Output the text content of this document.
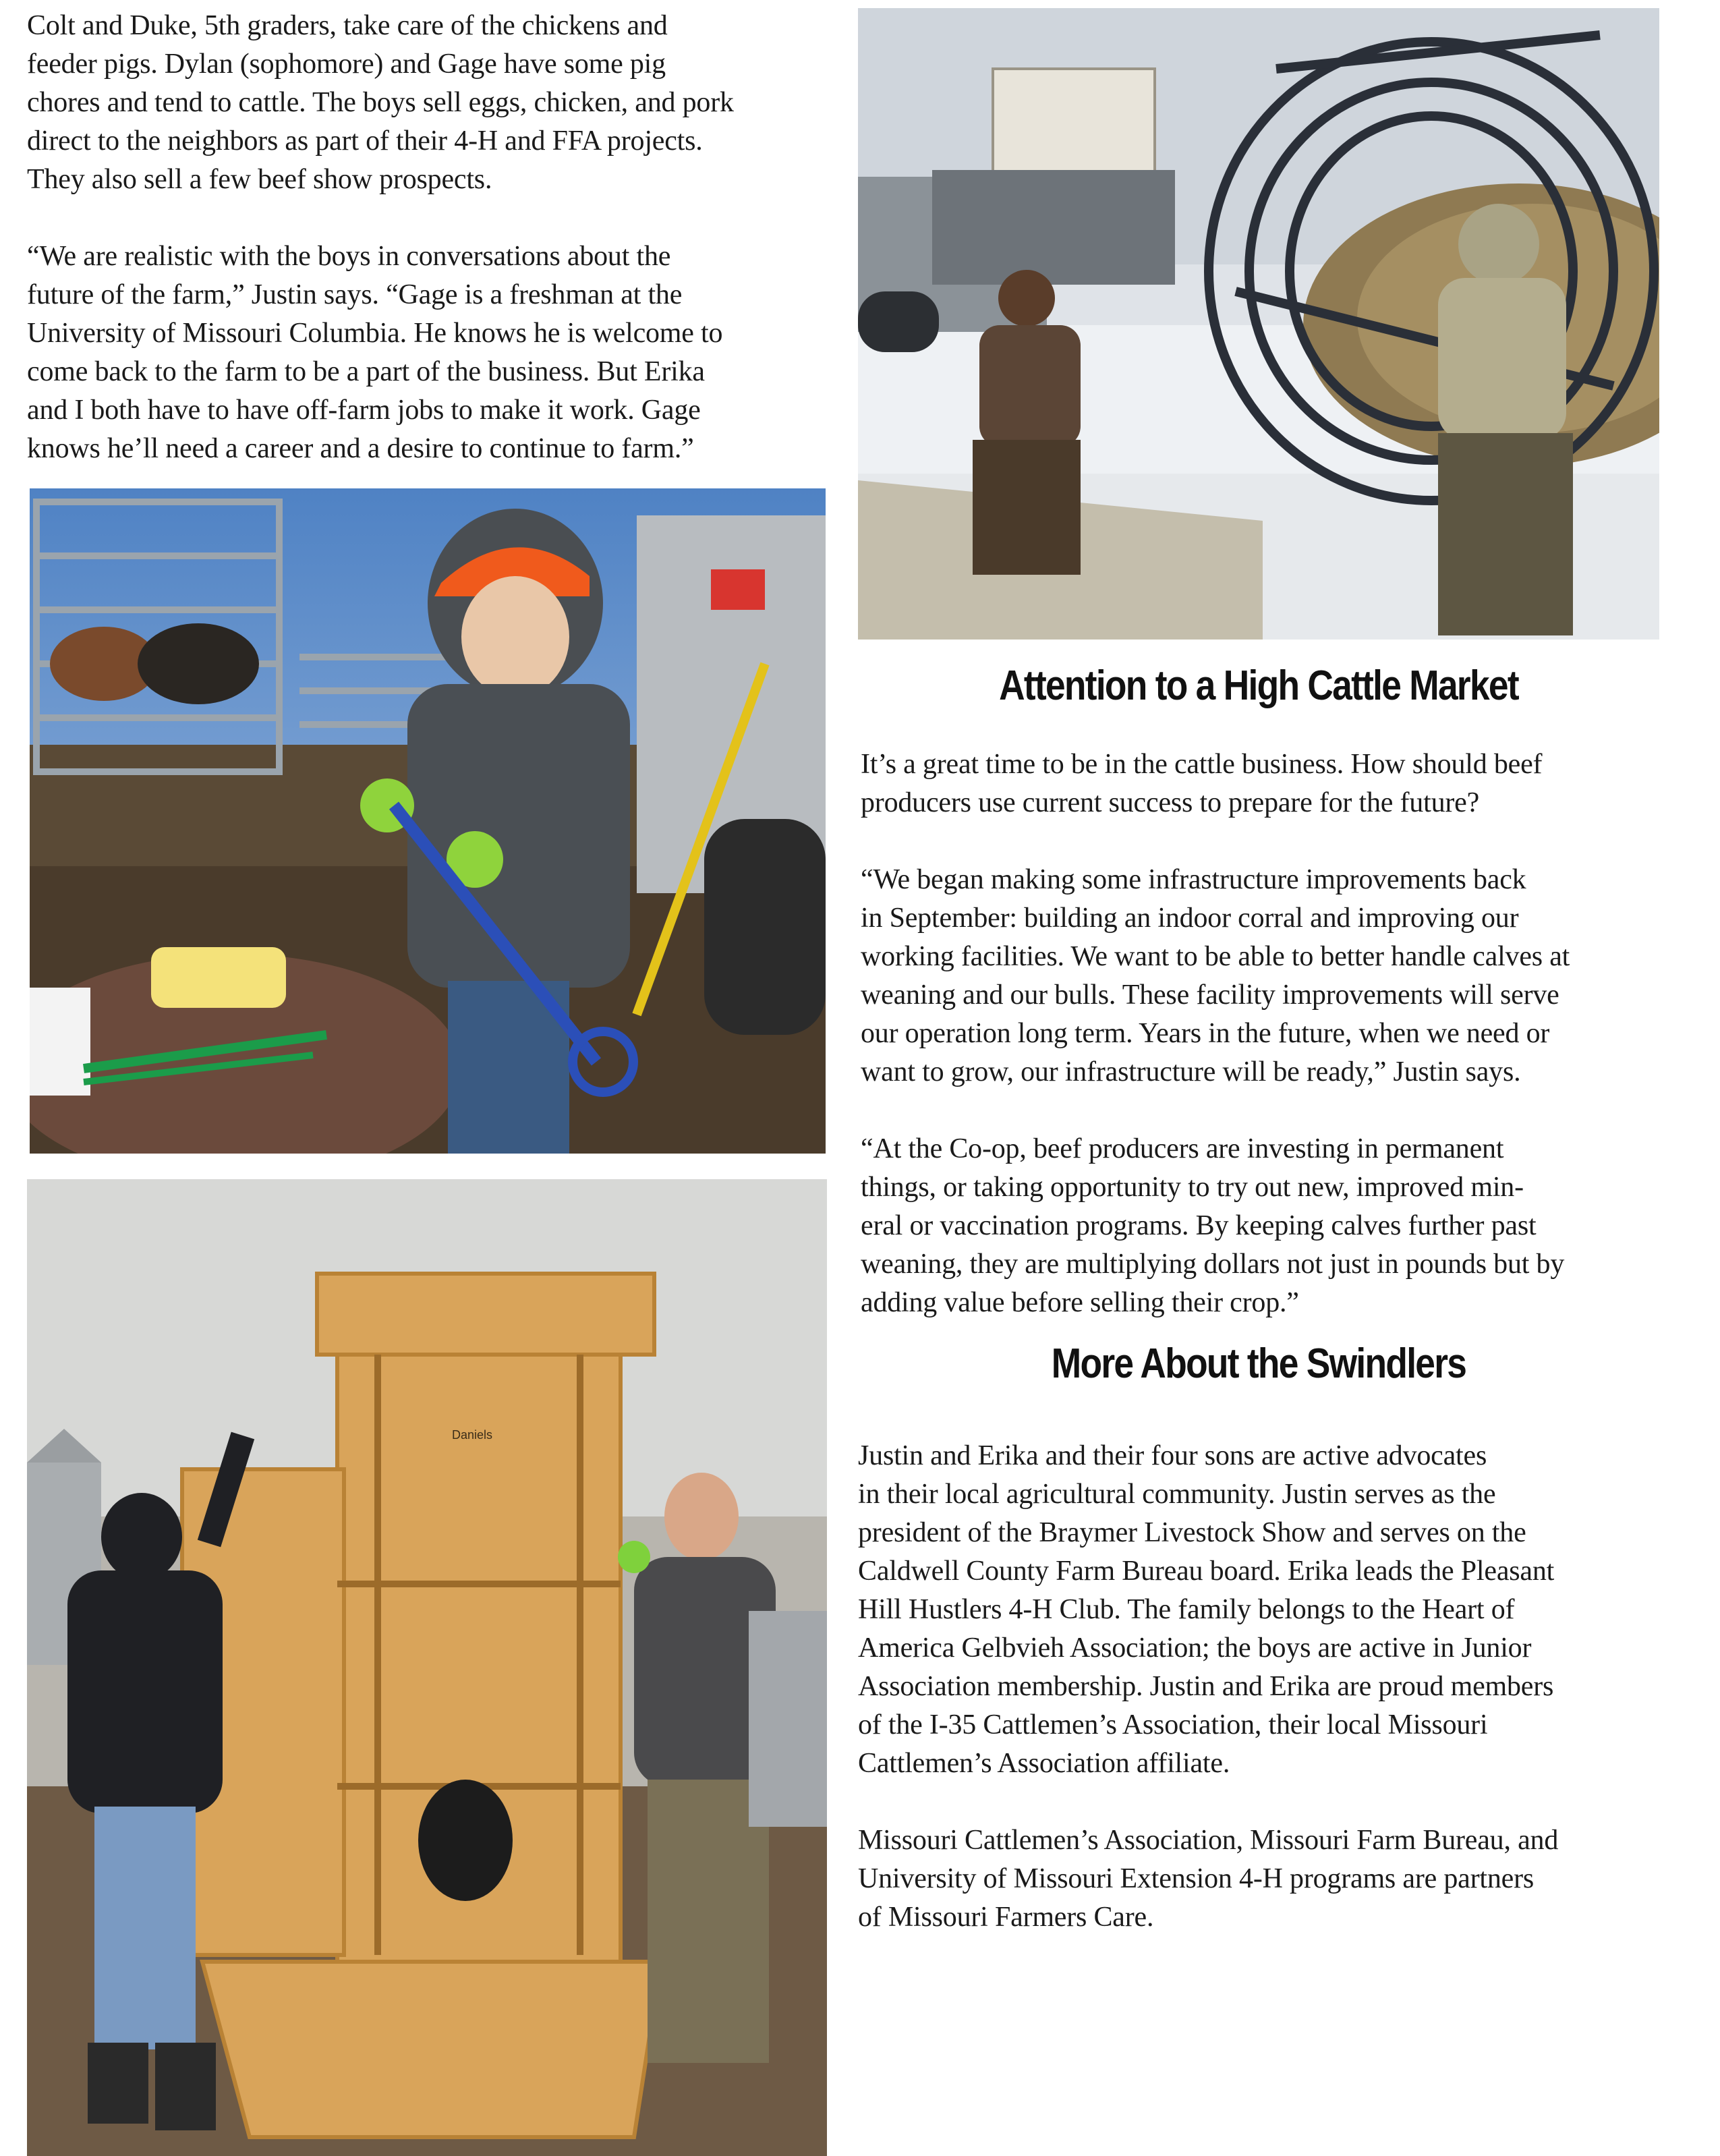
Colt and Duke, 5th graders, take care of the chickens and
feeder pigs. Dylan (sophomore) and Gage have some pig
chores and tend to cattle. The boys sell eggs, chicken, and pork
direct to the neighbors as part of their 4-H and FFA projects.
They also sell a few beef show prospects.

“We are realistic with the boys in conversations about the
future of the farm,” Justin says. “Gage is a freshman at the
University of Missouri Columbia. He knows he is welcome to
come back to the farm to be a part of the business. But Erika
and I both have to have off-farm jobs to make it work. Gage
knows he’ll need a career and a desire to continue to farm.”

Attention to a High Cattle Market

It’s a great time to be in the cattle business. How should beef
producers use current success to prepare for the future?

“We began making some infrastructure improvements back
in September: building an indoor corral and improving our
working facilities. We want to be able to better handle calves at
weaning and our bulls. These facility improvements will serve
our operation long term. Years in the future, when we need or
want to grow, our infrastructure will be ready,” Justin says.

“At the Co-op, beef producers are investing in permanent
things, or taking opportunity to try out new, improved min-
eral or vaccination programs. By keeping calves further past
weaning, they are multiplying dollars not just in pounds but by
adding value before selling their crop.”

More About the Swindlers

Justin and Erika and their four sons are active advocates
in their local agricultural community. Justin serves as the
president of the Braymer Livestock Show and serves on the
Caldwell County Farm Bureau board. Erika leads the Pleasant
Hill Hustlers 4-H Club. The family belongs to the Heart of
America Gelbvieh Association; the boys are active in Junior
Association membership. Justin and Erika are proud members
of the I-35 Cattlemen’s Association, their local Missouri
Cattlemen’s Association affiliate.

Missouri Cattlemen’s Association, Missouri Farm Bureau, and
University of Missouri Extension 4-H programs are partners
of Missouri Farmers Care.

Daniels
